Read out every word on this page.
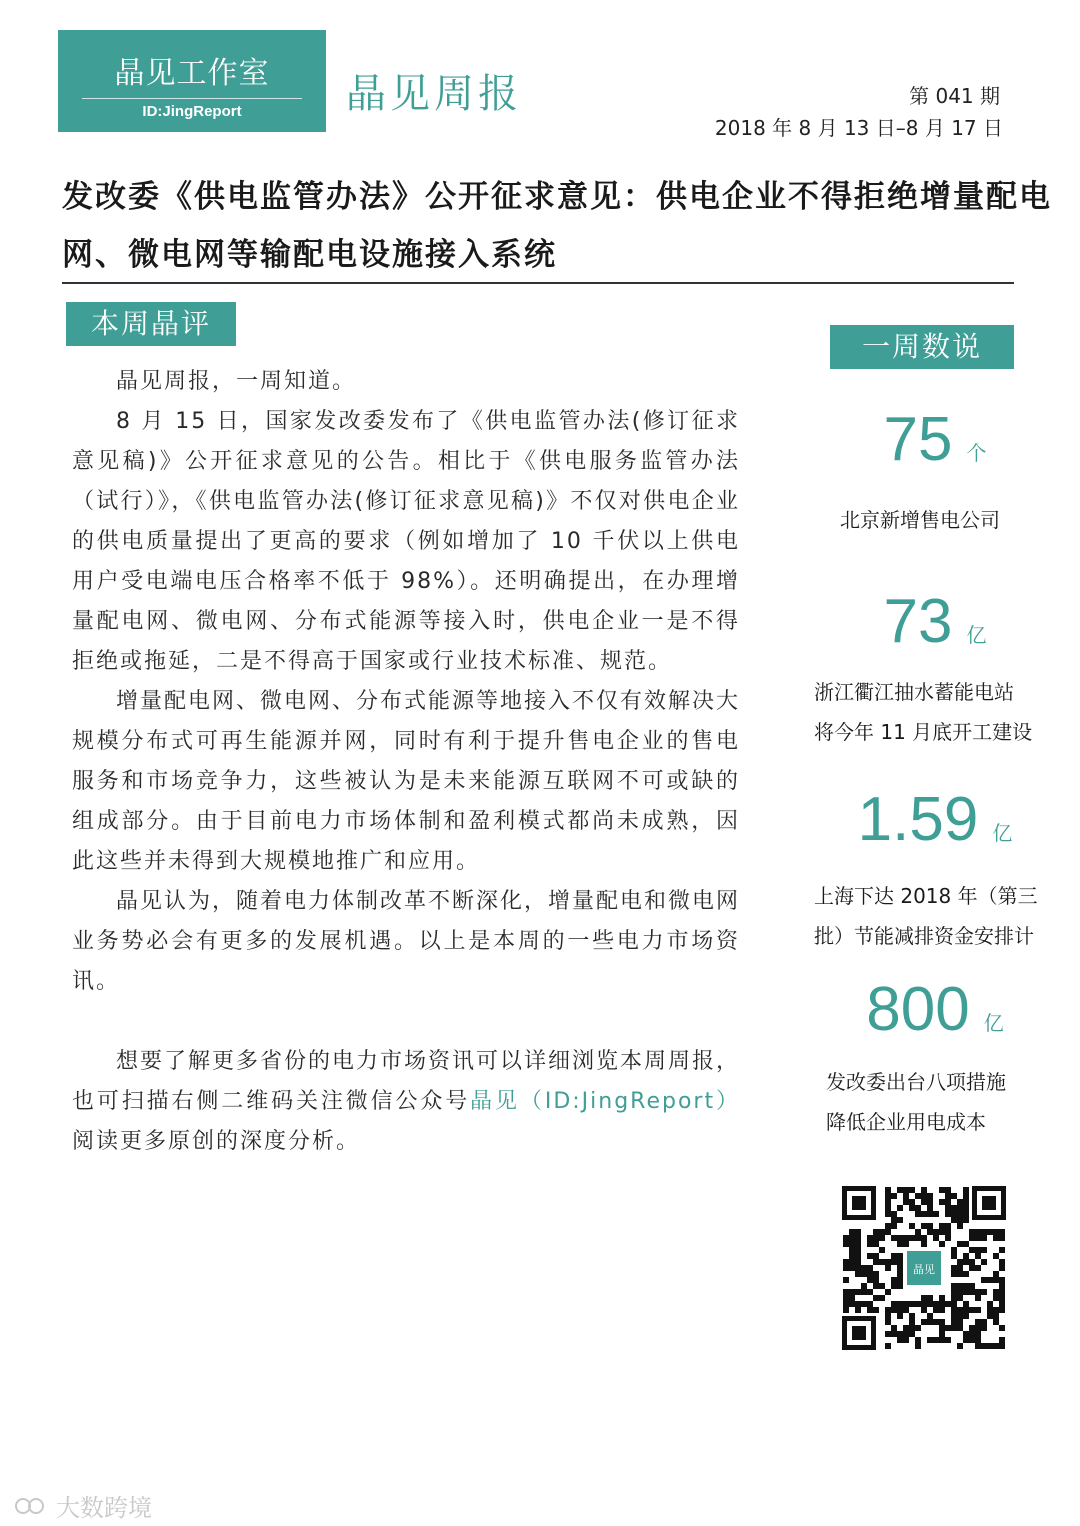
晶见工作室
ID:JingReport	晶见周报	第 041 期
2018 年 8 月 13 日–8 月 17 日
发改委《供电监管办法》公开征求意见：供电企业不得拒绝增量配电网、微电网等输配电设施接入系统
本周晶评

晶见周报，一周知道。

8 月 15 日，国家发改委发布了《供电监管办法(修订征求意见稿)》公开征求意见的公告。相比于《供电服务监管办法（试行）》，《供电监管办法(修订征求意见稿)》不仅对供电企业的供电质量提出了更高的要求（例如增加了 10 千伏以上供电用户受电端电压合格率不低于 98%）。还明确提出，在办理增量配电网、微电网、分布式能源等接入时，供电企业一是不得拒绝或拖延，二是不得高于国家或行业技术标准、规范。

增量配电网、微电网、分布式能源等地接入不仅有效解决大规模分布式可再生能源并网，同时有利于提升售电企业的售电服务和市场竞争力，这些被认为是未来能源互联网不可或缺的组成部分。由于目前电力市场体制和盈利模式都尚未成熟，因此这些并未得到大规模地推广和应用。

晶见认为，随着电力体制改革不断深化，增量配电和微电网业务势必会有更多的发展机遇。以上是本周的一些电力市场资讯。

想要了解更多省份的电力市场资讯可以详细浏览本周周报，也可扫描右侧二维码关注微信公众号晶见（ID:JingReport）阅读更多原创的深度分析。

一周数说
75 个
北京新增售电公司
73 亿
浙江衢江抽水蓄能电站
将今年 11 月底开工建设
1.59 亿
上海下达 2018 年（第三
批）节能减排资金安排计
800 亿
发改委出台八项措施
降低企业用电成本
晶见
大数跨境
